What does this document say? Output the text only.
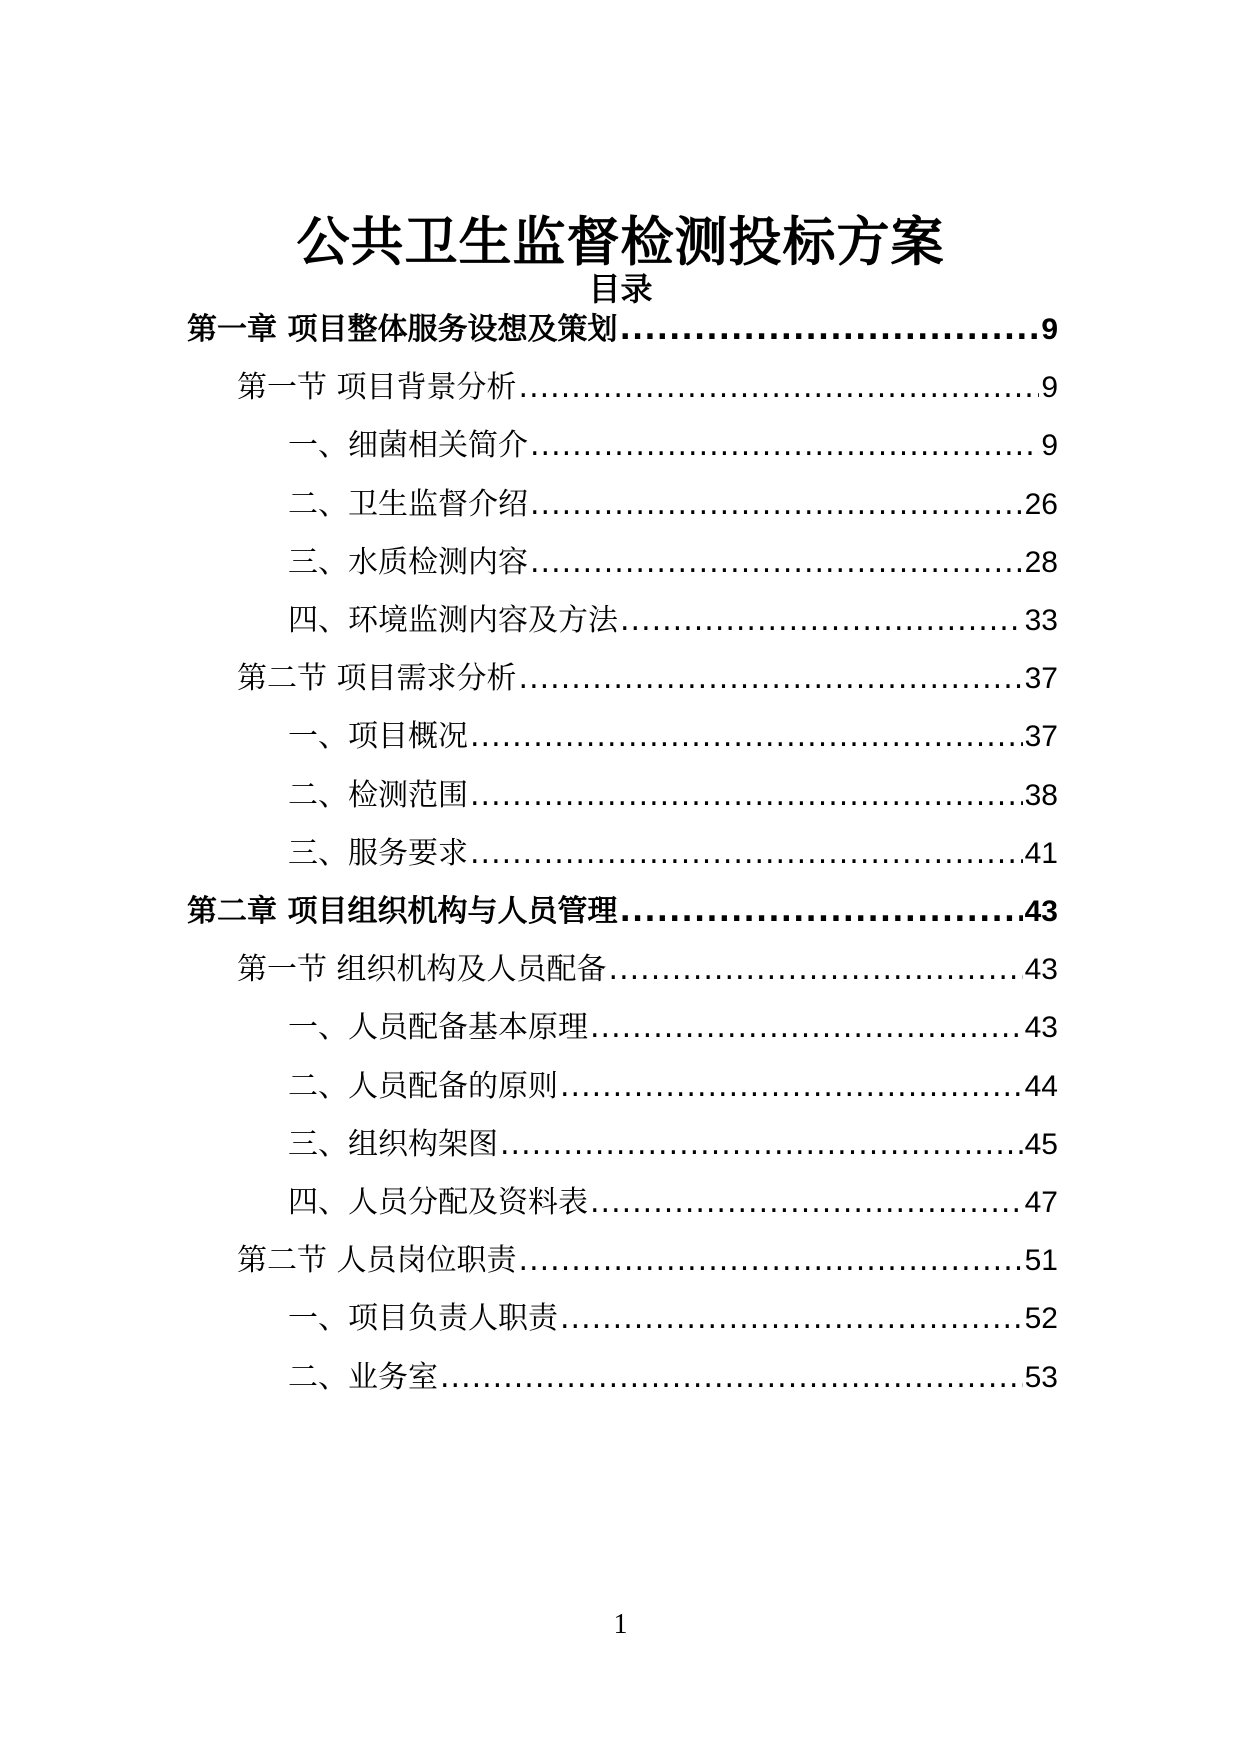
公共卫生监督检测投标方案
目录
第一章 项目整体服务设想及策划 .....	9
第一节 项目背景分析 .....	9
一、细菌相关简介 .....	9
二、卫生监督介绍 .....	26
三、水质检测内容 .....	28
四、环境监测内容及方法 .....	33
第二节 项目需求分析 .....	37
一、项目概况 .....	37
二、检测范围 .....	38
三、服务要求 .....	41
第二章 项目组织机构与人员管理 .....	43
第一节 组织机构及人员配备 .....	43
一、人员配备基本原理 .....	43
二、人员配备的原则 .....	44
三、组织构架图 .....	45
四、人员分配及资料表 .....	47
第二节 人员岗位职责 .....	51
一、项目负责人职责 .....	52
二、业务室 .....	53
1
